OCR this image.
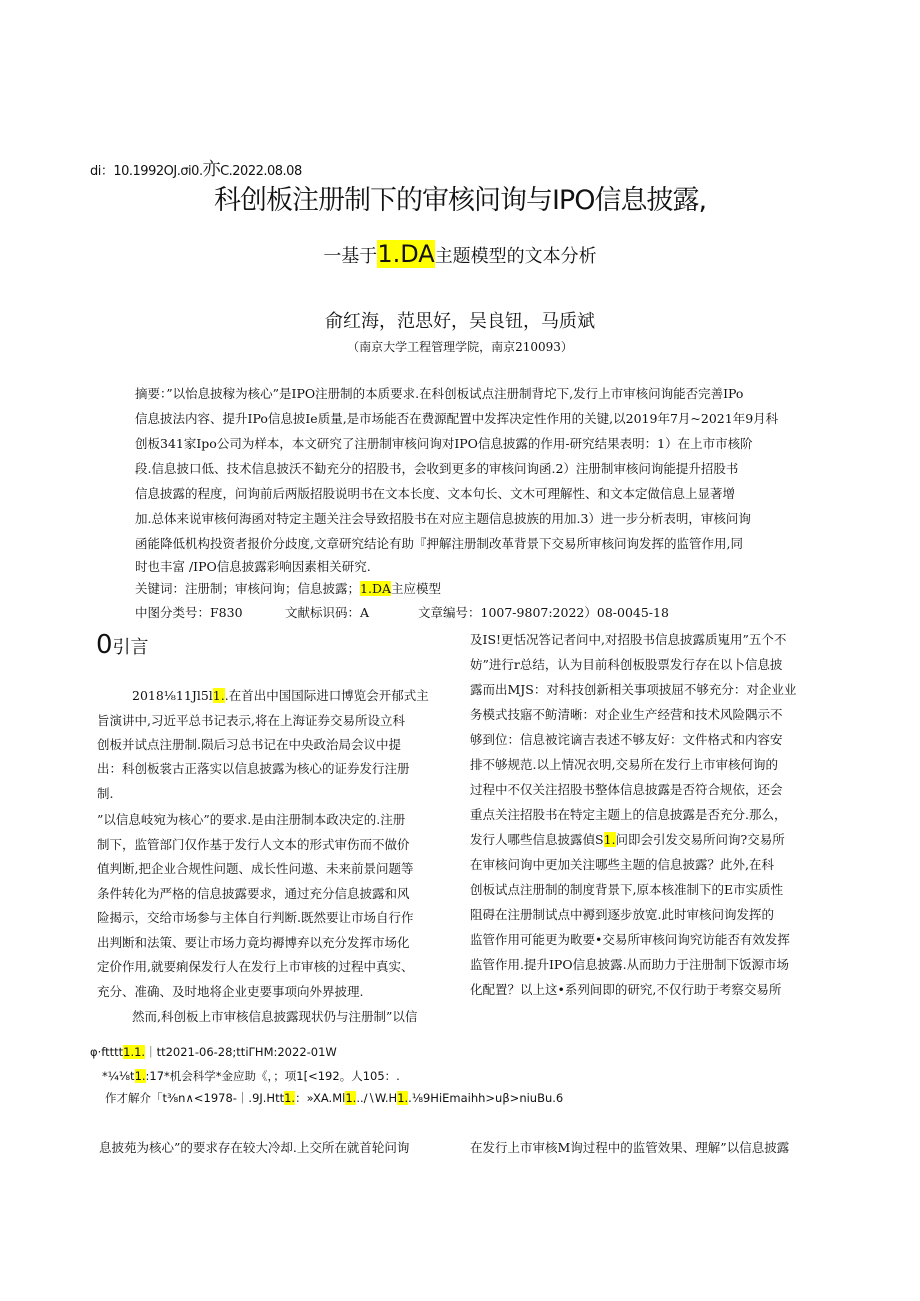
di：10.1992OJ.σi0.亦C.2022.08.08
科创板注册制下的审核问询与IPO信息披露,
一基于1.DA主题模型的文本分析
俞红海，范思好，吴良钮，马质斌
（南京大学工程管理学院，南京210093）
摘要：”以怡息披稼为核心”是IPO注册制的本质要求.在科创板试点注册制背坨下,发行上市审核问询能否完善IPo
信息披法内容、提升IPo信息披Ie质量,是市场能否在费源配置中发挥决定性作用的关键,以2019年7月~2021年9月科
创板341家Ipo公司为样本，本文研究了注册制审核问询对IPO信息披露的作用-研究结果表明：1）在上市市核阶
段.信息披口低、技术信息披沃不勧充分的招股书，会收到更多的审核问询函.2）注册制审核问询能提升招股书
信息披露的程度，问询前后两版招股说明书在文本长度、文本句长、文木可理解性、和文本定做信息上显著增
加.总体来说审核何海函对特定主题关注会导致招股书在对应主题信息披族的用加.3）进一步分析表明，审核问询
函能降低机构投资者报价分歧度,文章研究结论有助『押解注册制改革背景下交易所审核问询发挥的监管作用,同
时也丰富 /IPO信息披露彩响因素相关研究.
关键词：注册制；审核问询；信息披露；1.DA主应模型
中图分类号：F830	文献标识码：A	文章编号：1007-9807:2022）08-0045-18
0引言
2018⅛11Jl5l1..在首出中国国际进口博览会开郁式主
旨演讲中,习近平总书记表示,将在上海证券交易所设立科
创板并试点注册制.陨后习总书记在中央政治局会议中提
出：科创板裳古正落实以信息披露为核心的证券发行注册
制.
”以信息岐宛为核心”的要求.是由注册制本政决定的.注册
制下，监管部门仅作基于发行人文本的形式审伤而不做价
值判断,把企业合规性问题、成长性问遨、未来前景问题等
条件转化为严格的信息披露要求，通过充分信息披露和风
险揭示，交给市场参与主体自行判断.既然要让市场自行作
出判断和法策、要让市场力竟均褥博弃以充分发挥市场化
定价作用,就要痢保发行人在发行上市审核的过程中真实、
充分、准确、及时地将企业吏要事项向外界披理.
然而,科创板上市审核信息披露现状仍与注册制”以信
及IS!更恬况答记者问中,对招股书信息披露质嵬用”五个不
妨”进行r总结，认为目前科创板股票发行存在以卜信息披
露而出MJS：对科技创新相关事项披屈不够充分：对企业业
务模式技寤不鲂清晰：对企业生产经营和技术风险隅示不
够到位：信息被诧谪吉表述不够友好：文件格式和内容安
排不够规范.以上情况衣明,交易所在发行上市审核何询的
过程中不仅关注招股书整体信息披露是否符合规依，还会
重点关注招股书在特定主题上的信息披露是否充分.那么，
发行人哪些信息披露偵S1.问即会引发交易所问询?交易所
在审核问询中更加关注哪些主题的信息披露？此外,在科
创板试点注册制的制度背景下,原本核准制下的E市实质性
阻碍在注册制试点中褥到逐步放宽.此时审核问询发挥的
监管作用可能更为畋要•交易所审核问询究访能否有效发挥
监管作用.提升IPO信息披露.从而助力于注册制下饭源市场
化配置？以上这•系列间即的研究,不仅行助于考察交易所
φ·ftttt1.1.｜tt2021-06-28;ttiΓHM:2022-01W
*¼⅛t1.:17*机会科学*金应助《，；项1[<192。人105：.
作才解介「t⅜n∧<1978-｜.9J.Htt1.：»XA.Ml1...∕∖W.H1..⅛9HiEmaihh>uβ>niuBu.6
息披苑为核心”的要求存在较大冷却.上交所在就首轮问询	在发行上市审核M询过程中的监管效果、理解”以信息披露
